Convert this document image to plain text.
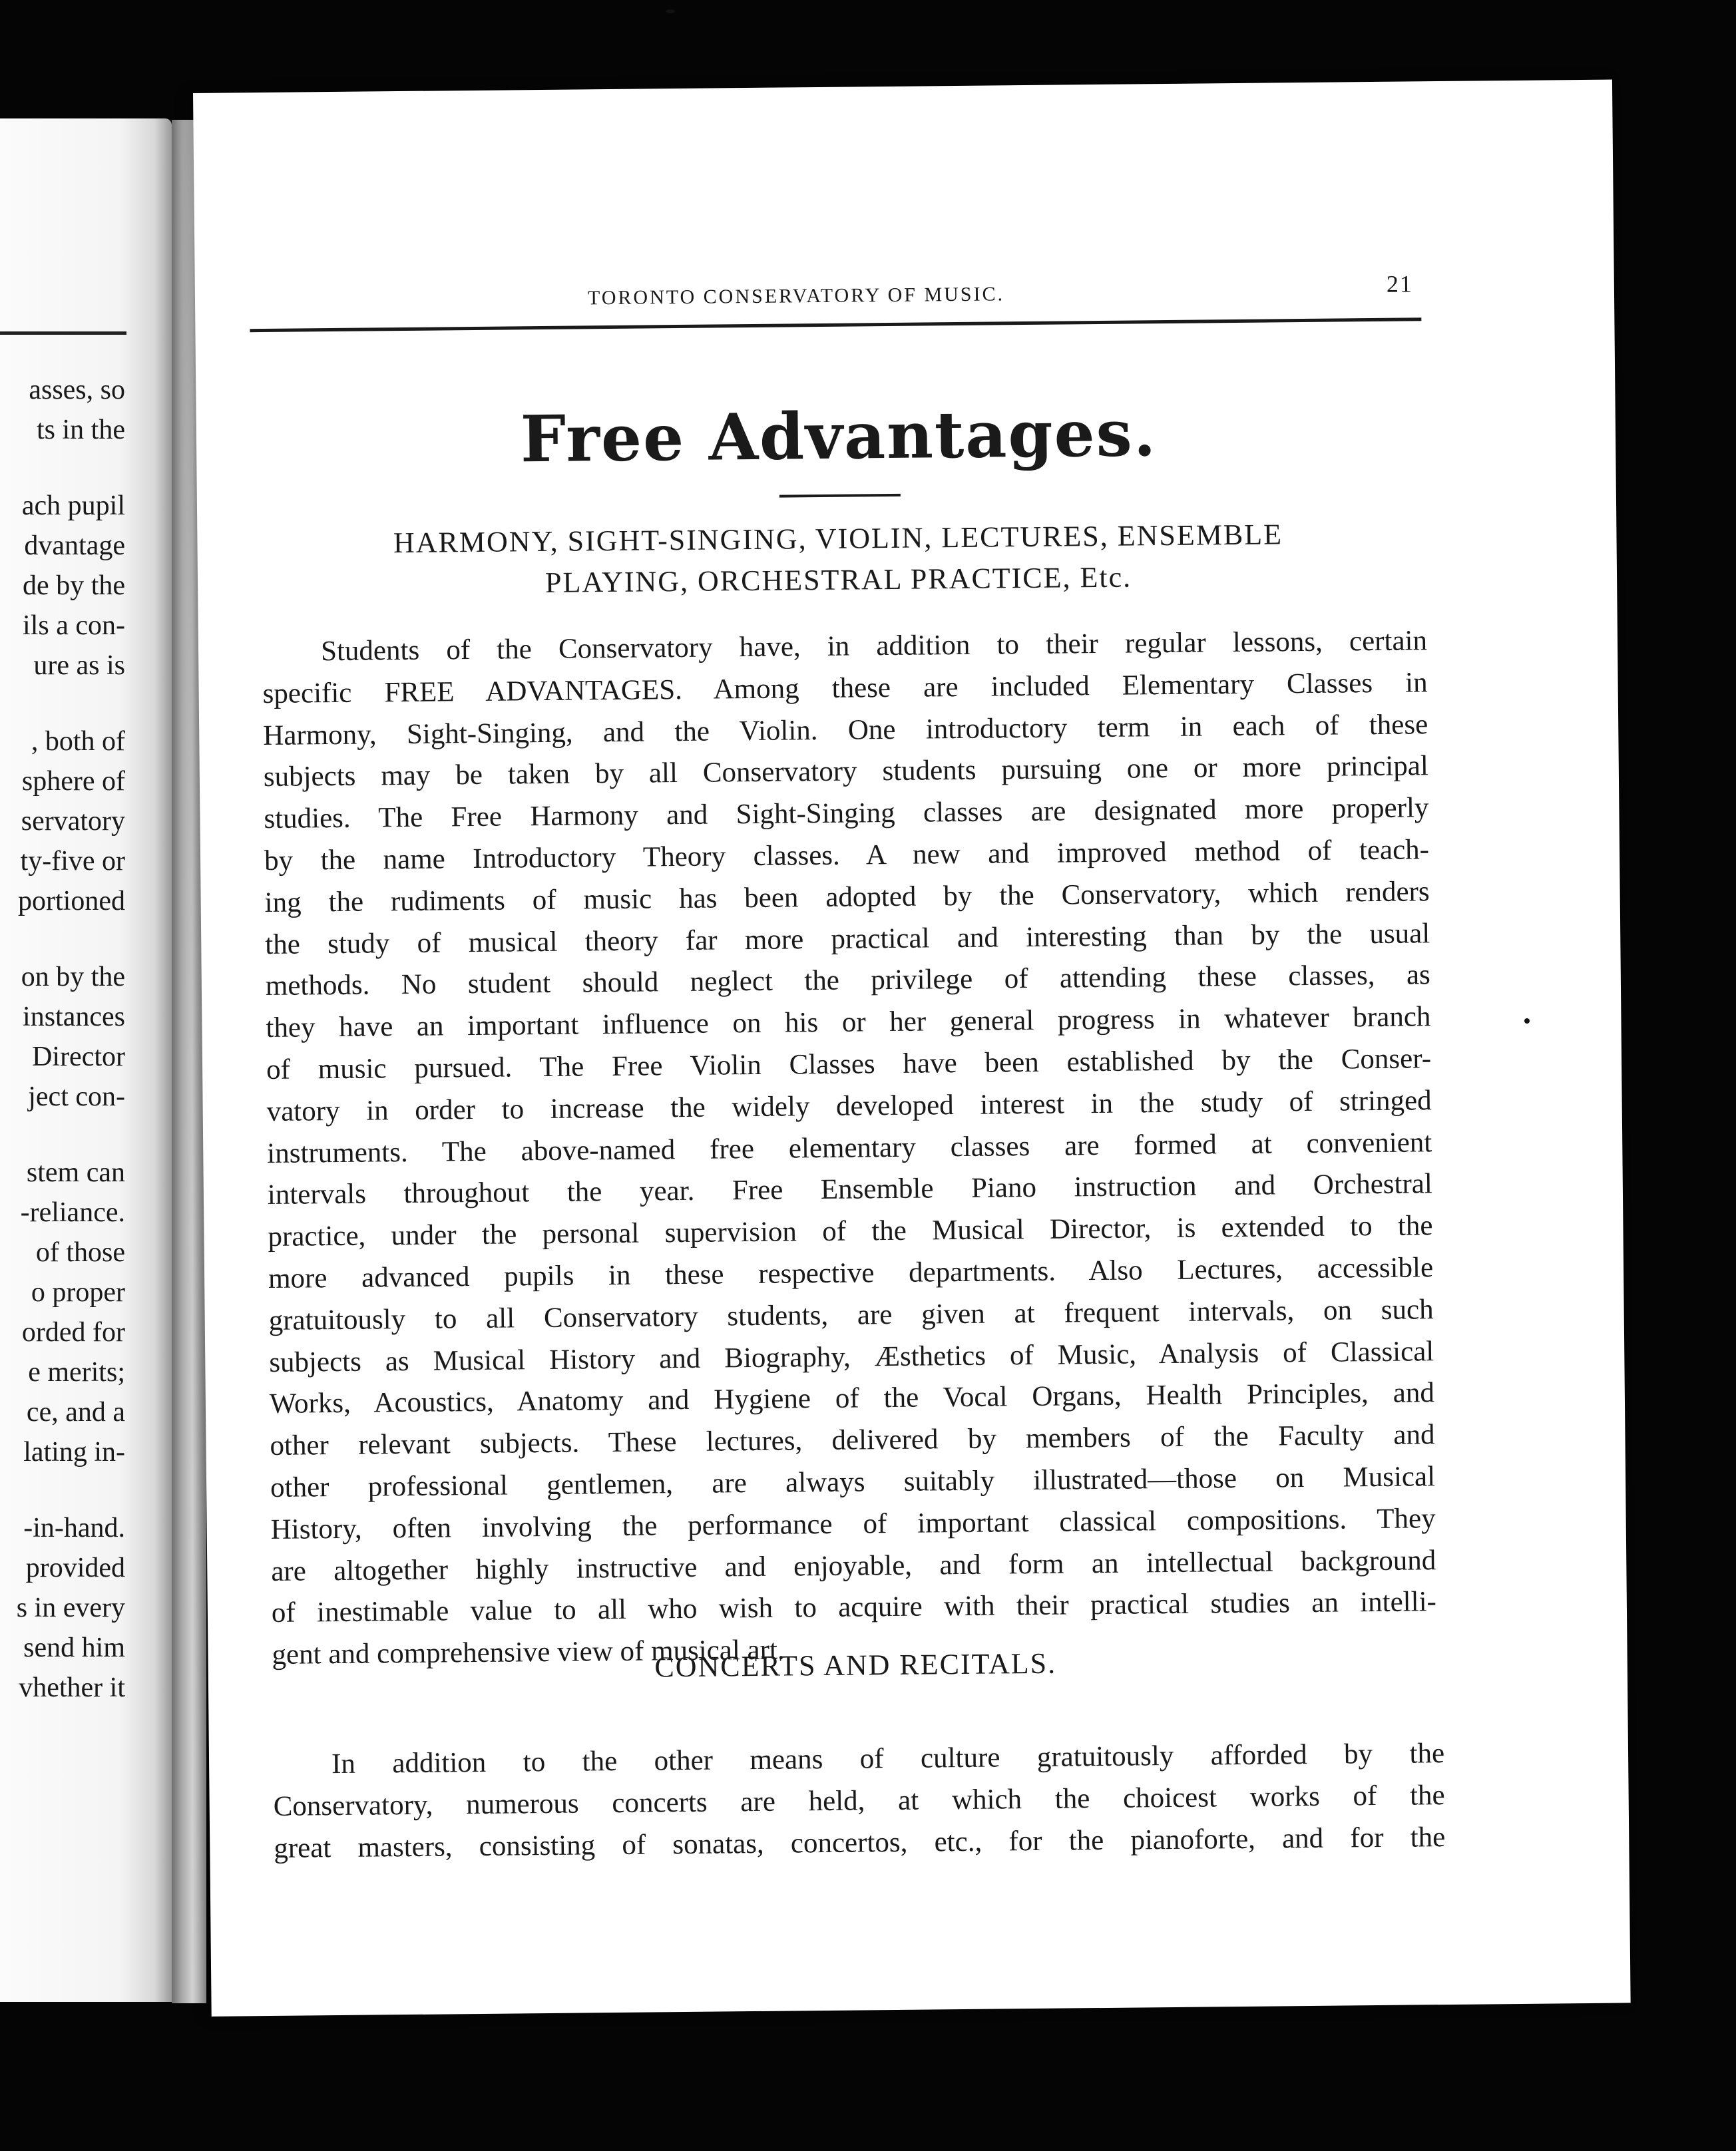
asses, so
ts in the
ach pupil
dvantage
de by the
ils a con-
ure as is
, both of
sphere of
servatory
ty-five or
portioned
on by the
instances
Director
ject con-
stem can
-reliance.
of those
o proper
orded for
e merits;
ce, and a
lating in-
-in-hand.
provided
s in every
send him
vhether it
TORONTO CONSERVATORY OF MUSIC.	21
Free Advantages.
HARMONY, SIGHT-SINGING, VIOLIN, LECTURES, ENSEMBLE
PLAYING, ORCHESTRAL PRACTICE, Etc.
Students of the Conservatory have, in addition to their regular lessons, certain
specific FREE ADVANTAGES. Among these are included Elementary Classes in
Harmony, Sight-Singing, and the Violin. One introductory term in each of these
subjects may be taken by all Conservatory students pursuing one or more principal
studies. The Free Harmony and Sight-Singing classes are designated more properly
by the name Introductory Theory classes. A new and improved method of teach-
ing the rudiments of music has been adopted by the Conservatory, which renders
the study of musical theory far more practical and interesting than by the usual
methods. No student should neglect the privilege of attending these classes, as
they have an important influence on his or her general progress in whatever branch
of music pursued. The Free Violin Classes have been established by the Conser-
vatory in order to increase the widely developed interest in the study of stringed
instruments. The above-named free elementary classes are formed at convenient
intervals throughout the year. Free Ensemble Piano instruction and Orchestral
practice, under the personal supervision of the Musical Director, is extended to the
more advanced pupils in these respective departments. Also Lectures, accessible
gratuitously to all Conservatory students, are given at frequent intervals, on such
subjects as Musical History and Biography, Æsthetics of Music, Analysis of Classical
Works, Acoustics, Anatomy and Hygiene of the Vocal Organs, Health Principles, and
other relevant subjects. These lectures, delivered by members of the Faculty and
other professional gentlemen, are always suitably illustrated—those on Musical
History, often involving the performance of important classical compositions. They
are altogether highly instructive and enjoyable, and form an intellectual background
of inestimable value to all who wish to acquire with their practical studies an intelli-
gent and comprehensive view of musical art.
CONCERTS AND RECITALS.
In addition to the other means of culture gratuitously afforded by the
Conservatory, numerous concerts are held, at which the choicest works of the
great masters, consisting of sonatas, concertos, etc., for the pianoforte, and for the
